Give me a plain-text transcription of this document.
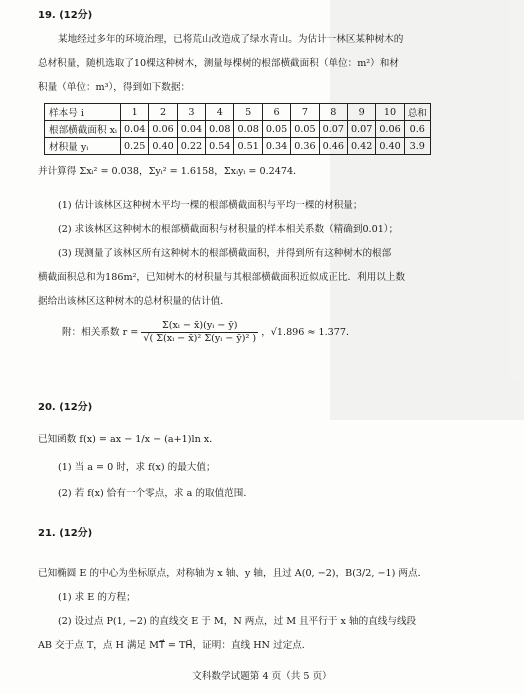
19. (12分)
某地经过多年的环境治理，已将荒山改造成了绿水青山。为估计一林区某种树木的
总材积量，随机选取了10棵这种树木，测量每棵树的根部横截面积（单位：m²）和材
积量（单位：m³），得到如下数据：
样本号 i	1	2	3	4	5	6	7	8	9	10	总和
根部横截面积 xᵢ	0.04	0.06	0.04	0.08	0.08	0.05	0.05	0.07	0.07	0.06	0.6
材积量 yᵢ	0.25	0.40	0.22	0.54	0.51	0.34	0.36	0.46	0.42	0.40	3.9
并计算得 Σxᵢ² = 0.038，Σyᵢ² = 1.6158，Σxᵢyᵢ = 0.2474．
(1) 估计该林区这种树木平均一棵的根部横截面积与平均一棵的材积量；
(2) 求该林区这种树木的根部横截面积与材积量的样本相关系数（精确到0.01）；
(3) 现测量了该林区所有这种树木的根部横截面积，并得到所有这种树木的根部
横截面积总和为186m²，已知树木的材积量与其根部横截面积近似成正比．利用以上数
据给出该林区这种树木的总材积量的估计值．
附：相关系数 $r = \frac{\text{Σ(xᵢ − x̄)(yᵢ − ȳ)}}{\text{√( Σ(xᵢ − x̄)² Σ(yᵢ − ȳ)² )}}$ ，√1.896 ≈ 1.377．
20. (12分)
已知函数 f(x) = ax − 1/x − (a+1)ln x．
(1) 当 a = 0 时，求 f(x) 的最大值；
(2) 若 f(x) 恰有一个零点，求 a 的取值范围．
21. (12分)
已知椭圆 E 的中心为坐标原点，对称轴为 x 轴、y 轴，且过 A(0, −2)，B(3/2, −1) 两点．
(1) 求 E 的方程；
(2) 设过点 P(1, −2) 的直线交 E 于 M，N 两点，过 M 且平行于 x 轴的直线与线段
AB 交于点 T，点 H 满足 MT⃗ = TH⃗，证明：直线 HN 过定点．
文科数学试题第 4 页（共 5 页）
